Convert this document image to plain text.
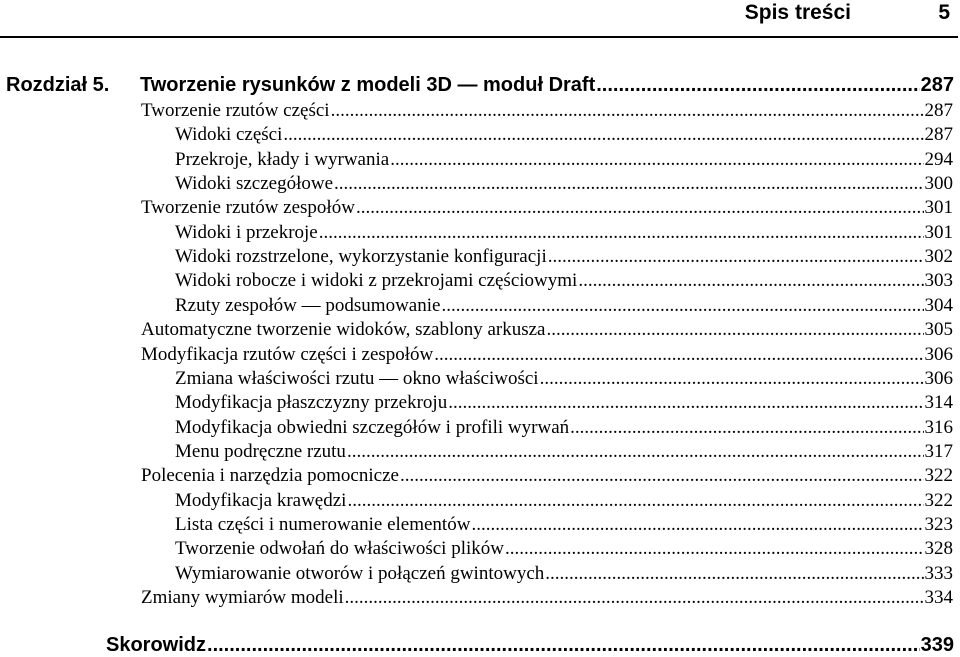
Spis treści	5
Rozdział 5. Tworzenie rysunków z modeli 3D — moduł Draft .....	287
Tworzenie rzutów części .....	287
Widoki części .....	287
Przekroje, kłady i wyrwania .....	294
Widoki szczegółowe .....	300
Tworzenie rzutów zespołów .....	301
Widoki i przekroje .....	301
Widoki rozstrzelone, wykorzystanie konfiguracji .....	302
Widoki robocze i widoki z przekrojami częściowymi .....	303
Rzuty zespołów — podsumowanie .....	304
Automatyczne tworzenie widoków, szablony arkusza .....	305
Modyfikacja rzutów części i zespołów .....	306
Zmiana właściwości rzutu — okno właściwości .....	306
Modyfikacja płaszczyzny przekroju .....	314
Modyfikacja obwiedni szczegółów i profili wyrwań .....	316
Menu podręczne rzutu .....	317
Polecenia i narzędzia pomocnicze .....	322
Modyfikacja krawędzi .....	322
Lista części i numerowanie elementów .....	323
Tworzenie odwołań do właściwości plików .....	328
Wymiarowanie otworów i połączeń gwintowych .....	333
Zmiany wymiarów modeli .....	334
Skorowidz .....	339
